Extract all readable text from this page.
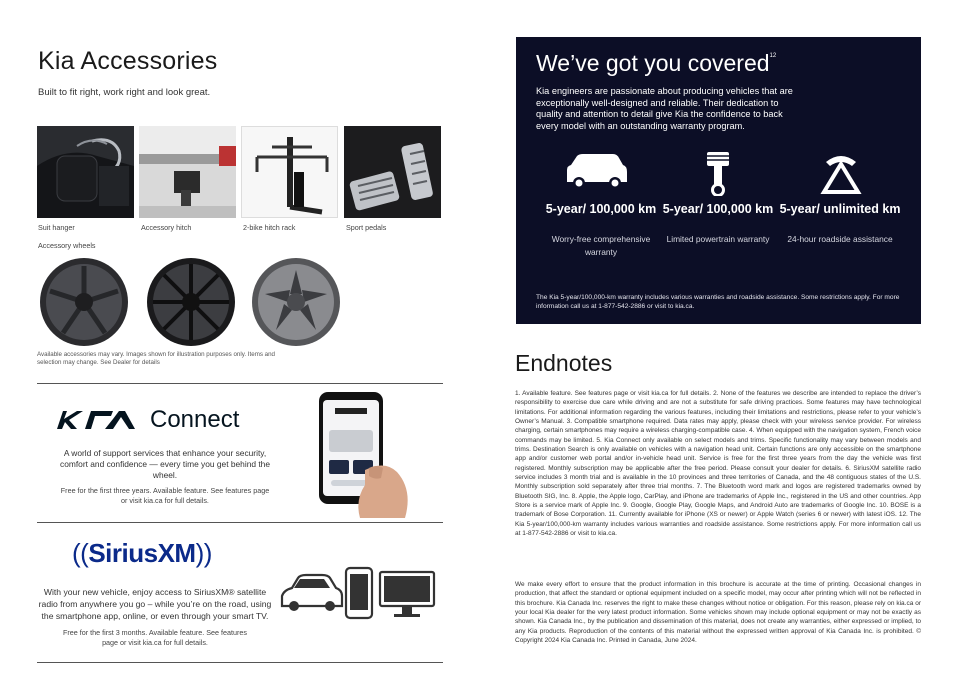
Kia Accessories
Built to fit right, work right and look great.
Suit hanger	Accessory hitch	2-bike hitch rack	Sport pedals
Accessory wheels
Available accessories may vary. Images shown for illustration purposes only. Items and selection may change. See Dealer for details
Connect
A world of support services that enhance your security, comfort and confidence — every time you get behind the wheel.
Free for the first three years. Available feature. See features page or visit kia.ca for full details.
((SiriusXM))
With your new vehicle, enjoy access to SiriusXM® satellite radio from anywhere you go – while you’re on the road, using the smartphone app, online, or even through your smart TV.
Free for the first 3 months. Available feature. See features page or visit kia.ca for full details.
We’ve got you covered$^{12}$
Kia engineers are passionate about producing vehicles that are exceptionally well-designed and reliable. Their dedication to quality and attention to detail give Kia the confidence to back every model with an outstanding warranty program.
5-year/ 100,000 km
Worry-free comprehensive warranty
5-year/ 100,000 km
Limited powertrain warranty
5-year/ unlimited km
24-hour roadside assistance
The Kia 5-year/100,000-km warranty includes various warranties and roadside assistance. Some restrictions apply. For more information call us at 1-877-542-2886 or visit to kia.ca.
Endnotes
1. Available feature. See features page or visit kia.ca for full details. 2. None of the features we describe are intended to replace the driver’s responsibility to exercise due care while driving and are not a substitute for safe driving practices. Some features may have technological limitations. For additional information regarding the various features, including their limitations and restrictions, please refer to your vehicle’s Owner’s Manual. 3. Compatible smartphone required. Data rates may apply, please check with your wireless service provider. For wireless charging, certain smartphones may require a wireless charging-compatible case. 4. When equipped with the navigation system, French voice commands may be limited. 5. Kia Connect only available on select models and trims. Specific functionality may vary between models and trims. Destination Search is only available on vehicles with a navigation head unit. Certain functions are only accessible on the smartphone app and/or customer web portal and/or in-vehicle head unit. Service is free for the first three years from the day the vehicle was first registered. Monthly subscription may be applicable after the free period. Please consult your dealer for details. 6. SiriusXM satellite radio service includes 3 month trial and is available in the 10 provinces and three territories of Canada, and the 48 contiguous states of the U.S. Monthly subscription sold separately after three trial months. 7. The Bluetooth word mark and logos are registered trademarks owned by Bluetooth SIG, Inc. 8. Apple, the Apple logo, CarPlay, and iPhone are trademarks of Apple Inc., registered in the US and other countries. App Store is a service mark of Apple Inc. 9. Google, Google Play, Google Maps, and Android Auto are trademarks of Google Inc. 10. BOSE is a trademark of Bose Corporation. 11. Currently available for iPhone (XS or newer) or Apple Watch (series 6 or newer) with latest iOS. 12. The Kia 5-year/100,000-km warranty includes various warranties and roadside assistance. Some restrictions apply. For more information call us at 1-877-542-2886 or visit to kia.ca.
We make every effort to ensure that the product information in this brochure is accurate at the time of printing. Occasional changes in production, that affect the standard or optional equipment included on a specific model, may occur after printing which will not be reflected in this brochure. Kia Canada Inc. reserves the right to make these changes without notice or obligation. For this reason, please rely on kia.ca or your local Kia dealer for the very latest product information. Some vehicles shown may include optional equipment or may not be exactly as shown. Kia Canada Inc., by the publication and dissemination of this material, does not create any warranties, either expressed or implied, to any Kia products. Reproduction of the contents of this material without the expressed written approval of Kia Canada Inc. is prohibited. © Copyright 2024 Kia Canada Inc. Printed in Canada, June 2024.
